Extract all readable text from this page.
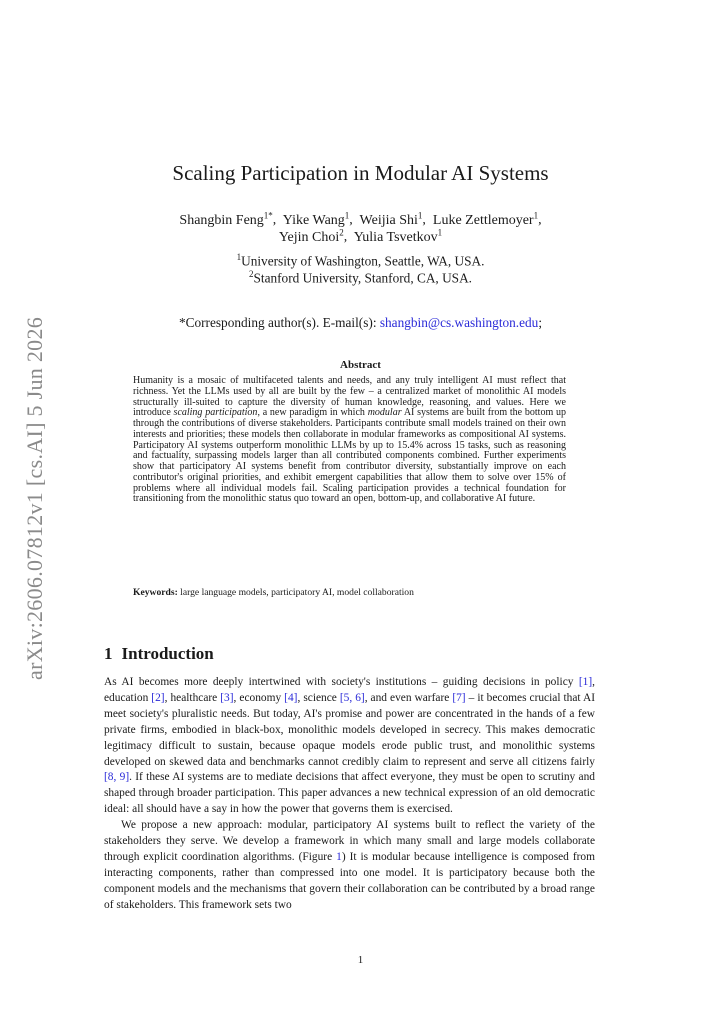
arXiv:2606.07812v1 [cs.AI] 5 Jun 2026
Scaling Participation in Modular AI Systems
Shangbin Feng$^{1*}$,  Yike Wang$^1$,  Weijia Shi$^1$,  Luke Zettlemoyer$^1$,
Yejin Choi$^2$,  Yulia Tsvetkov$^1$
$^1$University of Washington, Seattle, WA, USA.
$^2$Stanford University, Stanford, CA, USA.
*Corresponding author(s). E-mail(s): shangbin@cs.washington.edu;
Abstract
Humanity is a mosaic of multifaceted talents and needs, and any truly intelligent AI must reflect that richness. Yet the LLMs used by all are built by the few – a centralized market of monolithic AI models structurally ill-suited to capture the diversity of human knowledge, reasoning, and values. Here we introduce scaling participation, a new paradigm in which modular AI systems are built from the bottom up through the contributions of diverse stakeholders. Participants contribute small models trained on their own interests and priorities; these models then collaborate in modular frameworks as compositional AI systems. Participatory AI systems outperform monolithic LLMs by up to 15.4% across 15 tasks, such as reasoning and factuality, surpassing models larger than all contributed components combined. Further experiments show that participatory AI systems benefit from contributor diversity, substantially improve on each contributor's original priorities, and exhibit emergent capabilities that allow them to solve over 15% of problems where all individual models fail. Scaling participation provides a technical foundation for transitioning from the monolithic status quo toward an open, bottom-up, and collaborative AI future.
Keywords: large language models, participatory AI, model collaboration
1 Introduction

As AI becomes more deeply intertwined with society's institutions – guiding decisions in policy [1], education [2], healthcare [3], economy [4], science [5, 6], and even warfare [7] – it becomes crucial that AI meet society's pluralistic needs. But today, AI's promise and power are concentrated in the hands of a few private firms, embodied in black-box, monolithic models developed in secrecy. This makes democratic legitimacy difficult to sustain, because opaque models erode public trust, and monolithic systems developed on skewed data and benchmarks cannot credibly claim to represent and serve all citizens fairly [8, 9]. If these AI systems are to mediate decisions that affect everyone, they must be open to scrutiny and shaped through broader participation. This paper advances a new technical expression of an old democratic ideal: all should have a say in how the power that governs them is exercised.

We propose a new approach: modular, participatory AI systems built to reflect the variety of the stakeholders they serve. We develop a framework in which many small and large models collaborate through explicit coordination algorithms. (Figure 1) It is modular because intelligence is composed from interacting components, rather than compressed into one model. It is participatory because both the component models and the mechanisms that govern their collaboration can be contributed by a broad range of stakeholders. This framework sets two

1
